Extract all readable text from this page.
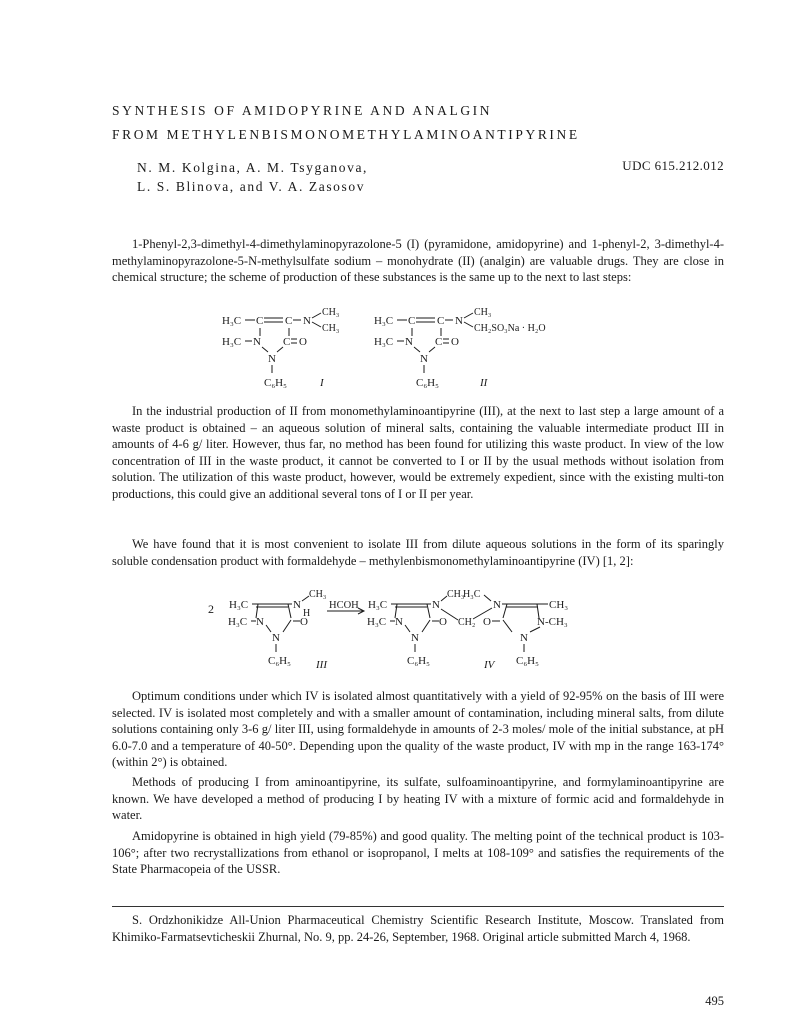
SYNTHESIS OF AMIDOPYRINE AND ANALGIN
FROM METHYLENBISMONOMETHYLAMINOANTIPYRINE
N. M. Kolgina, A. M. Tsyganova,
L. S. Blinova, and V. A. Zasosov
UDC 615.212.012
1-Phenyl-2,3-dimethyl-4-dimethylaminopyrazolone-5 (I) (pyramidone, amidopyrine) and 1-phenyl-2, 3-dimethyl-4-methylaminopyrazolone-5-N-methylsulfate sodium – monohydrate (II) (analgin) are valuable drugs. They are close in chemical structure; the scheme of production of these substances is the same up to the next to last steps:
H₃C C C N
CH₃
CH₃
H₃C N C O
N
C₆H₅	I
H₃C C C N
CH₃
CH₂SO₃Na · H₂O
H₃C N C O
N
C₆H₅	II
In the industrial production of II from monomethylaminoantipyrine (III), at the next to last step a large amount of a waste product is obtained – an aqueous solution of mineral salts, containing the valuable intermediate product III in amounts of 4-6 g/ liter. However, thus far, no method has been found for utilizing this waste product. In view of the low concentration of III in the waste product, it cannot be converted to I or II by the usual methods without isolation from solution. The utilization of this waste product, however, would be extremely expedient, since with the existing multi-ton productions, this could give an additional several tons of I or II per year.
We have found that it is most convenient to isolate III from dilute aqueous solutions in the form of its sparingly soluble condensation product with formaldehyde – methylenbismonomethylaminoantipyrine (IV) [1, 2]:
2 H₃C	N
CH₃
H
H₃C N	O
N
C₆H₅ III
HCOH H₃C	N
CH₃
H₃C N	O
N
C₆H₅
CH₂
H₃C
N	CH₃
O	N-CH₃
N
C₆H₅
IV
Optimum conditions under which IV is isolated almost quantitatively with a yield of 92-95% on the basis of III were selected. IV is isolated most completely and with a smaller amount of contamination, including mineral salts, from dilute solutions containing only 3-6 g/ liter III, using formaldehyde in amounts of 2-3 moles/ mole of the initial substance, at pH 6.0-7.0 and a temperature of 40-50°. Depending upon the quality of the waste product, IV with mp in the range 163-174° (within 2°) is obtained.
Methods of producing I from aminoantipyrine, its sulfate, sulfoaminoantipyrine, and formylaminoantipyrine are known. We have developed a method of producing I by heating IV with a mixture of formic acid and formaldehyde in water.
Amidopyrine is obtained in high yield (79-85%) and good quality. The melting point of the technical product is 103-106°; after two recrystallizations from ethanol or isopropanol, I melts at 108-109° and satisfies the requirements of the State Pharmacopeia of the USSR.
S. Ordzhonikidze All-Union Pharmaceutical Chemistry Scientific Research Institute, Moscow. Translated from Khimiko-Farmatsevticheskii Zhurnal, No. 9, pp. 24-26, September, 1968. Original article submitted March 4, 1968.
495
